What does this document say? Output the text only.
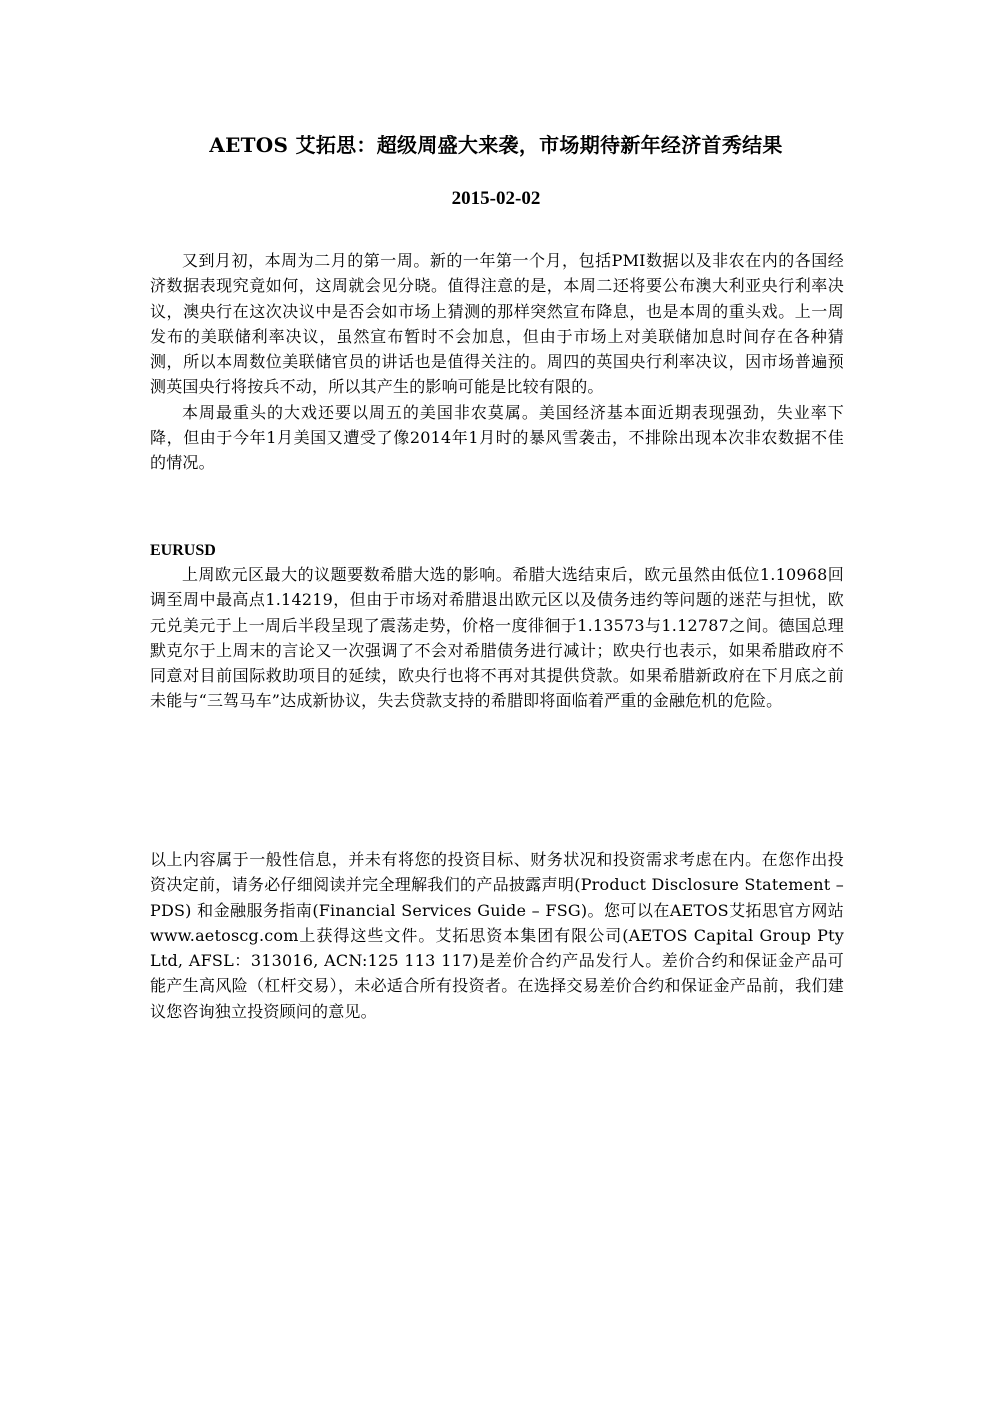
AETOS 艾拓思：超级周盛大来袭，市场期待新年经济首秀结果
2015-02-02

又到月初，本周为二月的第一周。新的一年第一个月，包括PMI数据以及非农在内的各国经济数据表现究竟如何，这周就会见分晓。值得注意的是，本周二还将要公布澳大利亚央行利率决议，澳央行在这次决议中是否会如市场上猜测的那样突然宣布降息，也是本周的重头戏。上一周发布的美联储利率决议，虽然宣布暂时不会加息，但由于市场上对美联储加息时间存在各种猜测，所以本周数位美联储官员的讲话也是值得关注的。周四的英国央行利率决议，因市场普遍预测英国央行将按兵不动，所以其产生的影响可能是比较有限的。

本周最重头的大戏还要以周五的美国非农莫属。美国经济基本面近期表现强劲，失业率下降，但由于今年1月美国又遭受了像2014年1月时的暴风雪袭击，不排除出现本次非农数据不佳的情况。

EURUSD

上周欧元区最大的议题要数希腊大选的影响。希腊大选结束后，欧元虽然由低位1.10968回调至周中最高点1.14219，但由于市场对希腊退出欧元区以及债务违约等问题的迷茫与担忧，欧元兑美元于上一周后半段呈现了震荡走势，价格一度徘徊于1.13573与1.12787之间。德国总理默克尔于上周末的言论又一次强调了不会对希腊债务进行减计；欧央行也表示，如果希腊政府不同意对目前国际救助项目的延续，欧央行也将不再对其提供贷款。如果希腊新政府在下月底之前未能与“三驾马车”达成新协议，失去贷款支持的希腊即将面临着严重的金融危机的危险。

以上内容属于一般性信息，并未有将您的投资目标、财务状况和投资需求考虑在内。在您作出投资决定前，请务必仔细阅读并完全理解我们的产品披露声明(Product Disclosure Statement – PDS) 和金融服务指南(Financial Services Guide – FSG)。您可以在AETOS艾拓思官方网站www.aetoscg.com上获得这些文件。艾拓思资本集团有限公司(AETOS Capital Group Pty Ltd, AFSL：313016, ACN:125 113 117)是差价合约产品发行人。差价合约和保证金产品可能产生高风险（杠杆交易），未必适合所有投资者。在选择交易差价合约和保证金产品前，我们建议您咨询独立投资顾问的意见。
